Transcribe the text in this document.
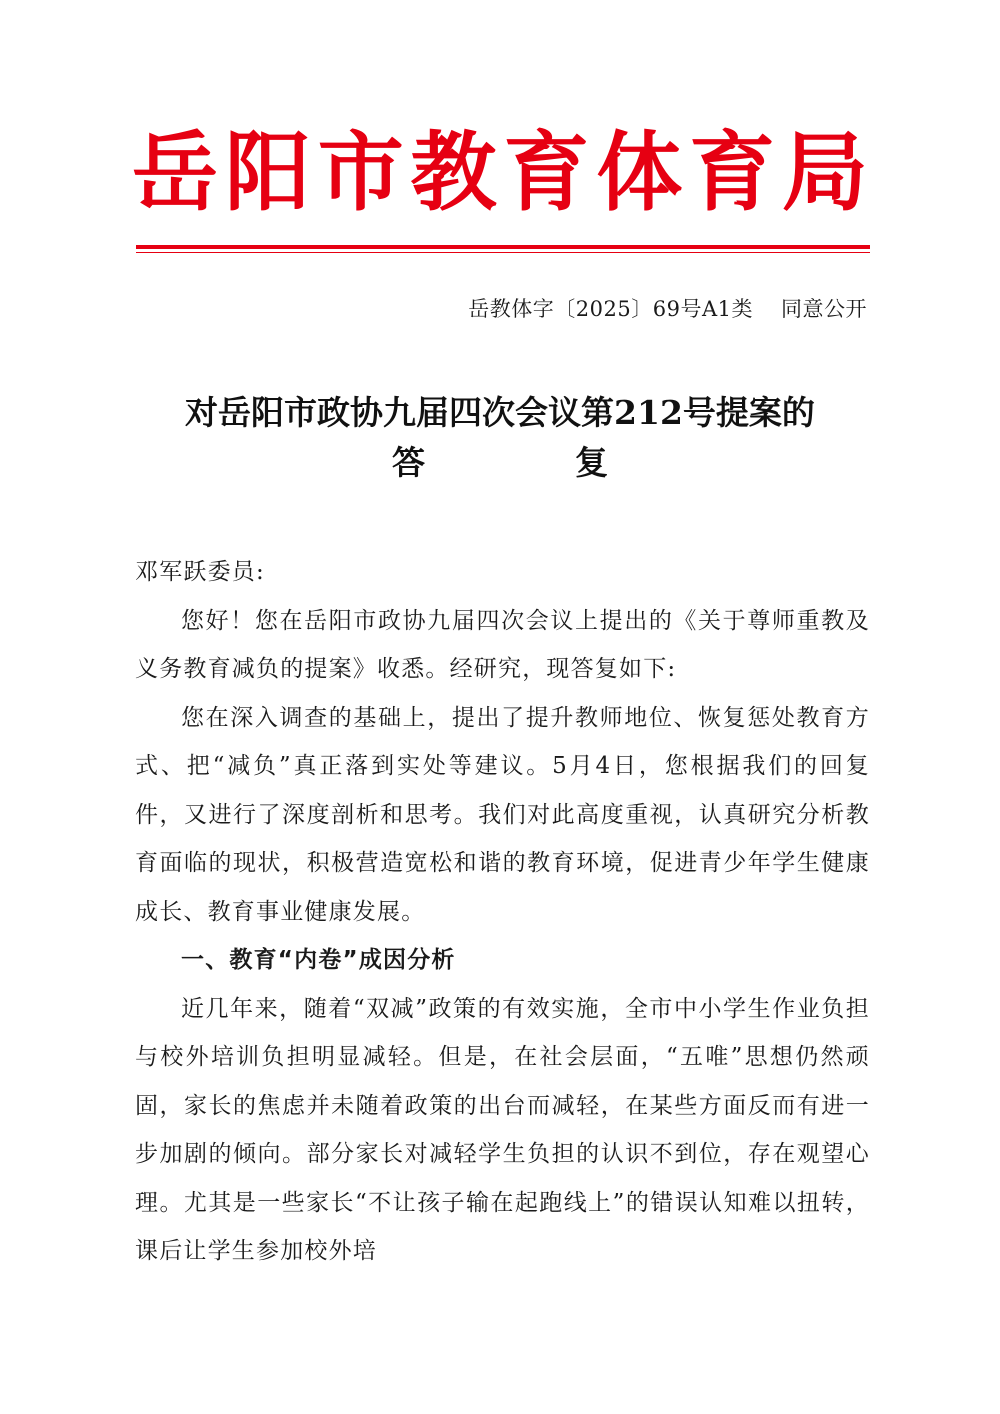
岳 阳 市 教 育 体 育 局
岳教体字〔2025〕69号A1类 同意公开
对岳阳市政协九届四次会议第212号提案的
答	复

邓军跃委员:

您好！您在岳阳市政协九届四次会议上提出的《关于尊师重教及义务教育减负的提案》收悉。经研究，现答复如下:

您在深入调查的基础上，提出了提升教师地位、恢复惩处教育方式、把“减负”真正落到实处等建议。5月4日，您根据我们的回复件，又进行了深度剖析和思考。我们对此高度重视，认真研究分析教育面临的现状，积极营造宽松和谐的教育环境，促进青少年学生健康成长、教育事业健康发展。

一、教育“内卷”成因分析

近几年来，随着“双减”政策的有效实施，全市中小学生作业负担与校外培训负担明显减轻。但是，在社会层面，“五唯”思想仍然顽固，家长的焦虑并未随着政策的出台而减轻，在某些方面反而有进一步加剧的倾向。部分家长对减轻学生负担的认识不到位，存在观望心理。尤其是一些家长“不让孩子输在起跑线上”的错误认知难以扭转，课后让学生参加校外培
